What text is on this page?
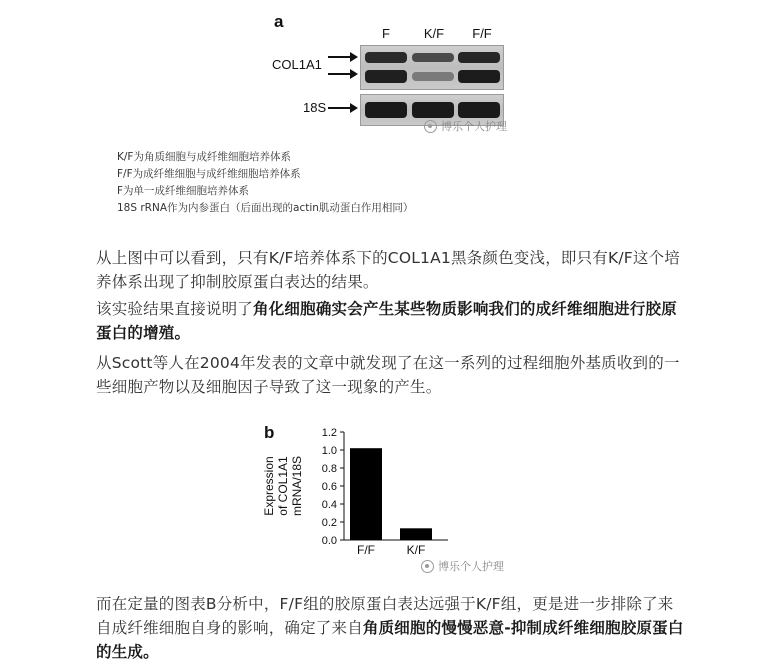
a
F	K/F	F/F
COL1A1
18S
博乐个人护理
K/F为角质细胞与成纤维细胞培养体系
F/F为成纤维细胞与成纤维细胞培养体系
F为单一成纤维细胞培养体系
18S rRNA作为内参蛋白（后面出现的actin肌动蛋白作用相同）
从上图中可以看到，只有K/F培养体系下的COL1A1黑条颜色变浅，即只有K/F这个培养体系出现了抑制胶原蛋白表达的结果。
该实验结果直接说明了角化细胞确实会产生某些物质影响我们的成纤维细胞进行胶原蛋白的增殖。
从Scott等人在2004年发表的文章中就发现了在这一系列的过程细胞外基质收到的一些细胞产物以及细胞因子导致了这一现象的产生。
b
Expression of COL1A1 mRNA/18S
0.0
0.2
0.4
0.6
0.8
1.0
1.2
F/F	K/F
博乐个人护理
而在定量的图表B分析中，F/F组的胶原蛋白表达远强于K/F组，更是进一步排除了来自成纤维细胞自身的影响，确定了来自角质细胞的慢慢恶意-抑制成纤维细胞胶原蛋白的生成。
